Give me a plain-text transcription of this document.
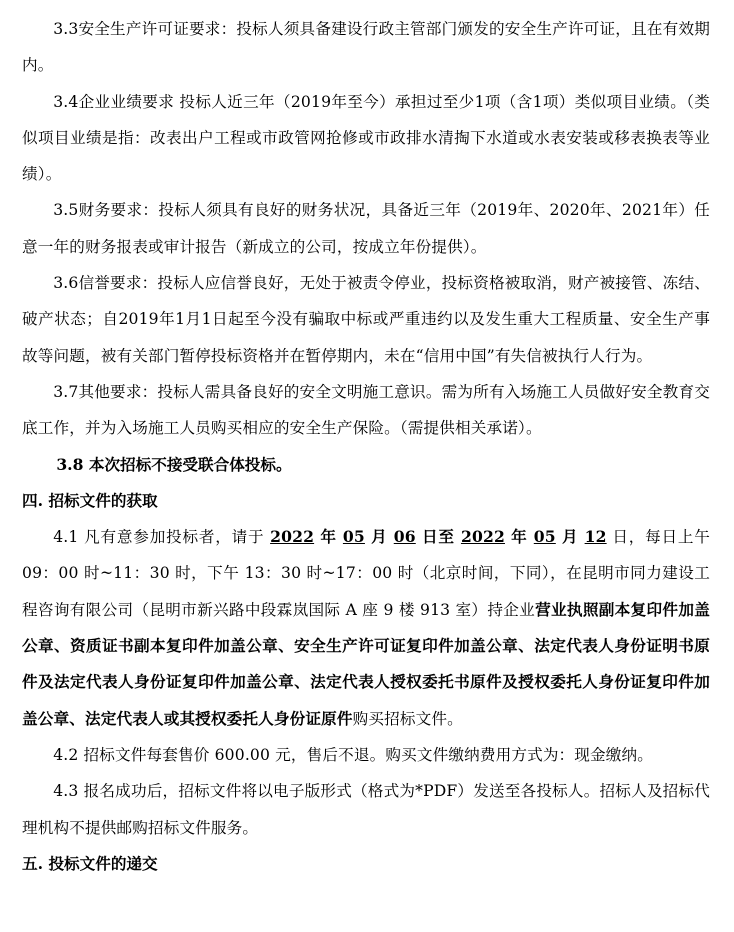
3.3安全生产许可证要求：投标人须具备建设行政主管部门颁发的安全生产许可证，且在有效期内。

3.4企业业绩要求 投标人近三年（2019年至今）承担过至少1项（含1项）类似项目业绩。（类似项目业绩是指：改表出户工程或市政管网抢修或市政排水清掏下水道或水表安装或移表换表等业绩）。

3.5财务要求：投标人须具有良好的财务状况，具备近三年（2019年、2020年、2021年）任意一年的财务报表或审计报告（新成立的公司，按成立年份提供）。

3.6信誉要求：投标人应信誉良好，无处于被责令停业，投标资格被取消，财产被接管、冻结、破产状态；自2019年1月1日起至今没有骗取中标或严重违约以及发生重大工程质量、安全生产事故等问题，被有关部门暂停投标资格并在暂停期内，未在“信用中国”有失信被执行人行为。

3.7其他要求：投标人需具备良好的安全文明施工意识。需为所有入场施工人员做好安全教育交底工作，并为入场施工人员购买相应的安全生产保险。（需提供相关承诺）。

3.8 本次招标不接受联合体投标。

四. 招标文件的获取

4.1 凡有意参加投标者，请于 2022 年 05 月 06 日至 2022 年 05 月 12 日，每日上午 09：00 时~11：30 时，下午 13：30 时~17：00 时（北京时间，下同），在昆明市同力建设工程咨询有限公司（昆明市新兴路中段霖岚国际 A 座 9 楼 913 室）持企业营业执照副本复印件加盖公章、资质证书副本复印件加盖公章、安全生产许可证复印件加盖公章、法定代表人身份证明书原件及法定代表人身份证复印件加盖公章、法定代表人授权委托书原件及授权委托人身份证复印件加盖公章、法定代表人或其授权委托人身份证原件购买招标文件。

4.2 招标文件每套售价 600.00 元，售后不退。购买文件缴纳费用方式为：现金缴纳。

4.3 报名成功后，招标文件将以电子版形式（格式为*PDF）发送至各投标人。招标人及招标代理机构不提供邮购招标文件服务。

五. 投标文件的递交
